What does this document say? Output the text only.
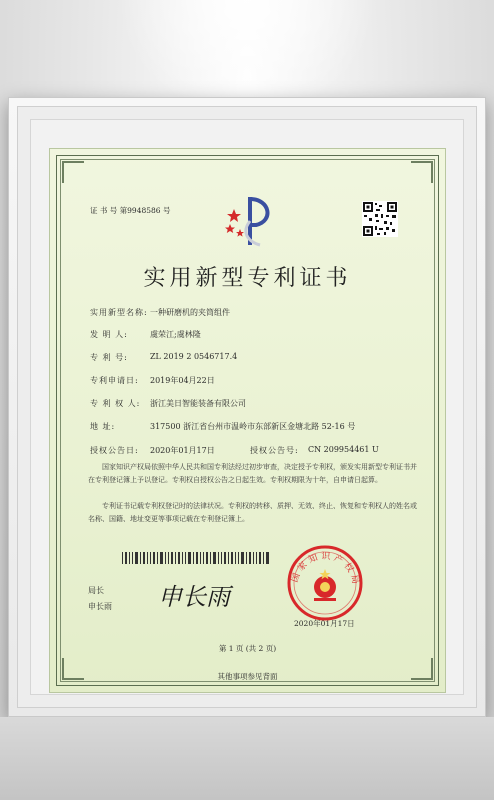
证 书 号 第9948586 号
实用新型专利证书
实用新型名称: 一种研磨机的夹筒组件
发 明 人:	虞荣江;虞林隆
专 利 号:	ZL 2019 2 0546717.4
专利申请日: 2019年04月22日
专 利 权 人: 浙江美日智能装备有限公司
地 址:	317500 浙江省台州市温岭市东部新区金塘北路 52-16 号
授权公告日: 2020年01月17日	授权公告号: CN 209954461 U
国家知识产权局依照中华人民共和国专利法经过初步审查，决定授予专利权，颁发实用新型专利证书并在专利登记簿上予以登记。专利权自授权公告之日起生效。专利权期限为十年，自申请日起算。
专利证书记载专利权登记时的法律状况。专利权的转移、质押、无效、终止、恢复和专利权人的姓名或名称、国籍、地址变更等事项记载在专利登记簿上。
局长
申长雨 申长雨
国家知识产权局
2020年01月17日
第 1 页 (共 2 页)
其他事项参见背面
